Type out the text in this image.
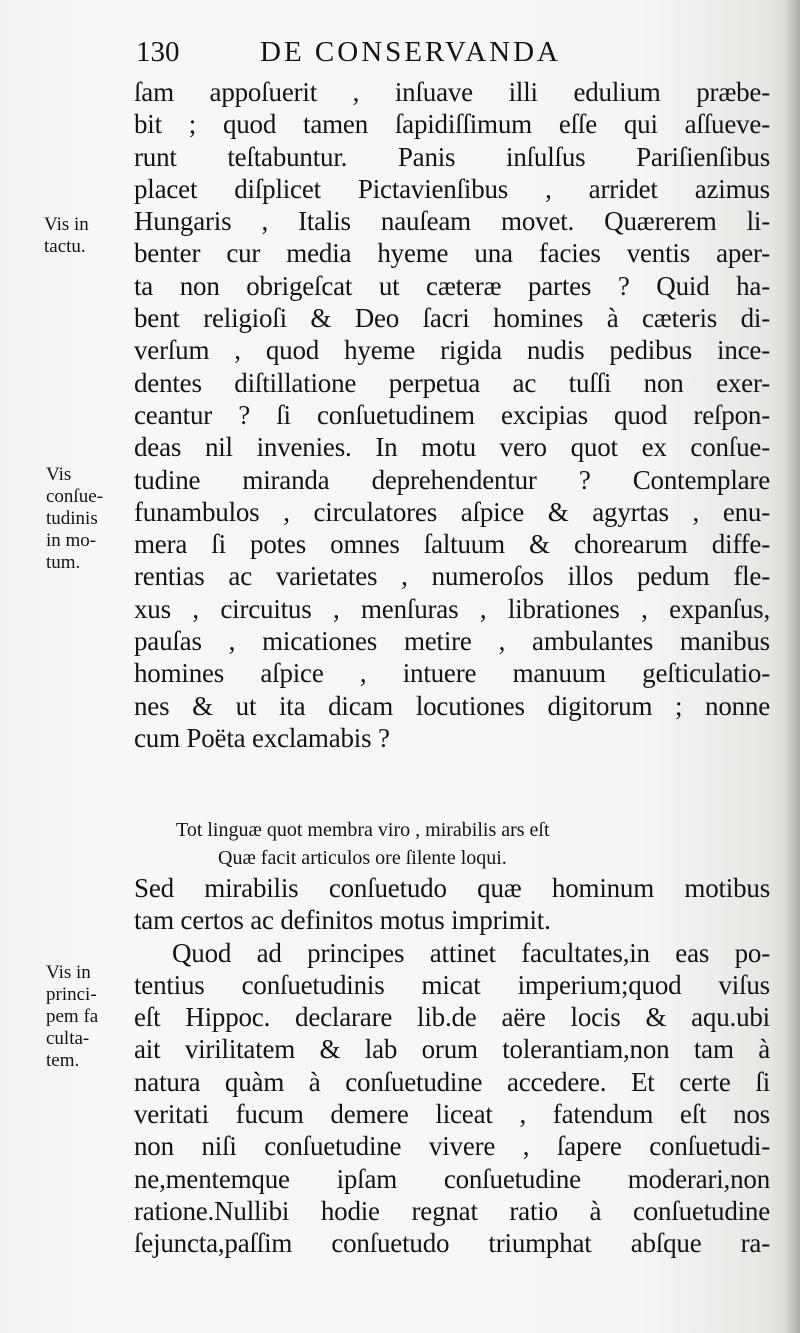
130	DE CONSERVANDA
ſam appoſuerit , inſuave illi edulium præbe-
bit ; quod tamen ſapidiſſimum eſſe qui aſſueve-
runt teſtabuntur. Panis inſulſus Pariſienſibus
placet diſplicet Pictavienſibus , arridet azimus
Hungaris , Italis nauſeam movet. Quærerem li-
benter cur media hyeme una facies ventis aper-
ta non obrigeſcat ut cæteræ partes ? Quid ha-
bent religioſi & Deo ſacri homines à cæteris di-
verſum , quod hyeme rigida nudis pedibus ince-
dentes diſtillatione perpetua ac tuſſi non exer-
ceantur ? ſi conſuetudinem excipias quod reſpon-
deas nil invenies. In motu vero quot ex conſue-
tudine miranda deprehendentur ? Contemplare
funambulos , circulatores aſpice & agyrtas , enu-
mera ſi potes omnes ſaltuum & chorearum diffe-
rentias ac varietates , numeroſos illos pedum fle-
xus , circuitus , menſuras , librationes , expanſus,
pauſas , micationes metire , ambulantes manibus
homines aſpice , intuere manuum geſticulatio-
nes & ut ita dicam locutiones digitorum ; nonne
cum Poëta exclamabis ?
Tot linguæ quot membra viro , mirabilis ars eſt
Quæ facit articulos ore ſilente loqui.
Sed mirabilis conſuetudo quæ hominum motibus
tam certos ac definitos motus imprimit.
Quod ad principes attinet facultates,in eas po-
tentius conſuetudinis micat imperium;quod viſus
eſt Hippoc. declarare lib.de aëre locis & aqu.ubi
ait virilitatem & lab orum tolerantiam,non tam à
natura quàm à conſuetudine accedere. Et certe ſi
veritati fucum demere liceat , fatendum eſt nos
non niſi conſuetudine vivere , ſapere conſuetudi-
ne,mentemque ipſam conſuetudine moderari,non
ratione.Nullibi hodie regnat ratio à conſuetudine
ſejuncta,paſſim conſuetudo triumphat abſque ra-
Vis in
tactu.
Vis
conſue-
tudinis
in mo-
tum.
Vis in
princi-
pem fa
culta-
tem.
